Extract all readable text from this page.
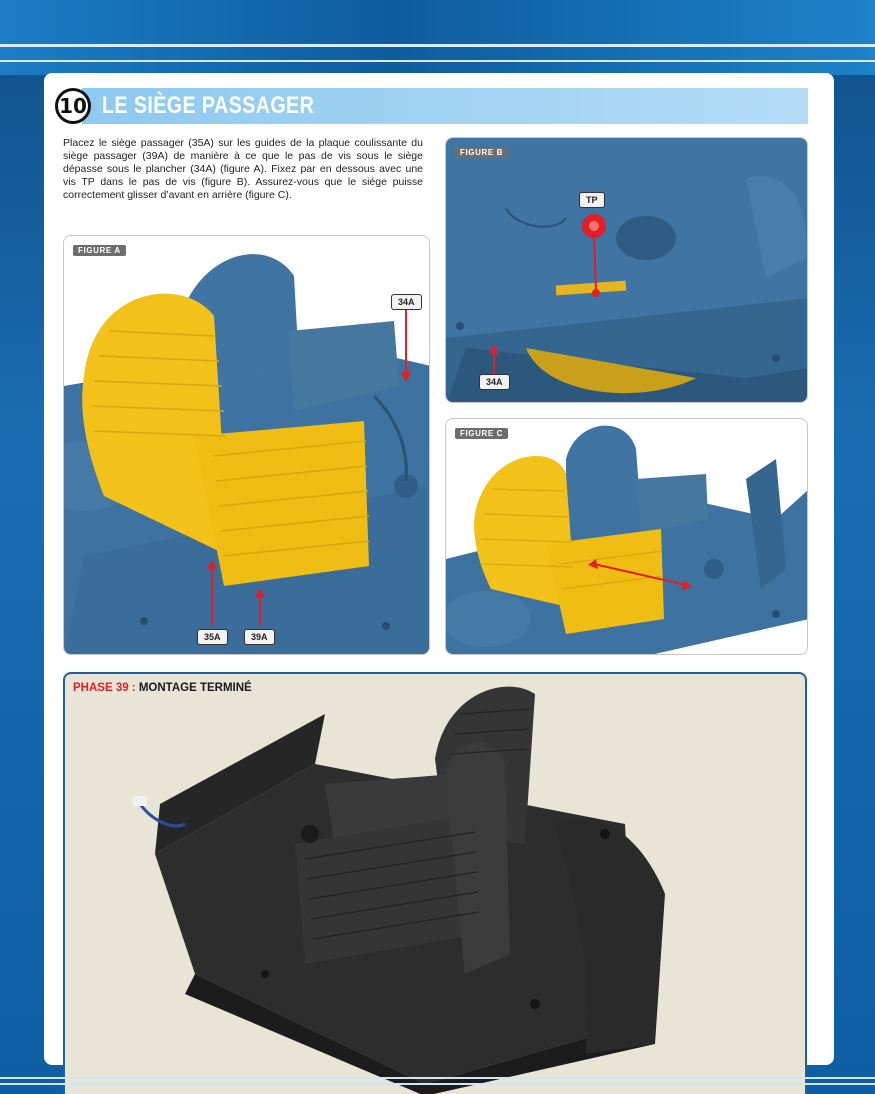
10 LE SIÈGE PASSAGER

Placez le siège passager (35A) sur les guides de la plaque coulissante du siège passager (39A) de manière à ce que le pas de vis sous le siège dépasse sous le plancher (34A) (figure A). Fixez par en dessous avec une vis TP dans le pas de vis (figure B). Assurez-vous que le siège puisse correctement glisser d’avant en arrière (figure C).

FIGURE A
34A
35A	39A
FIGURE B
TP
34A
FIGURE C
PHASE 39 : MONTAGE TERMINÉ
